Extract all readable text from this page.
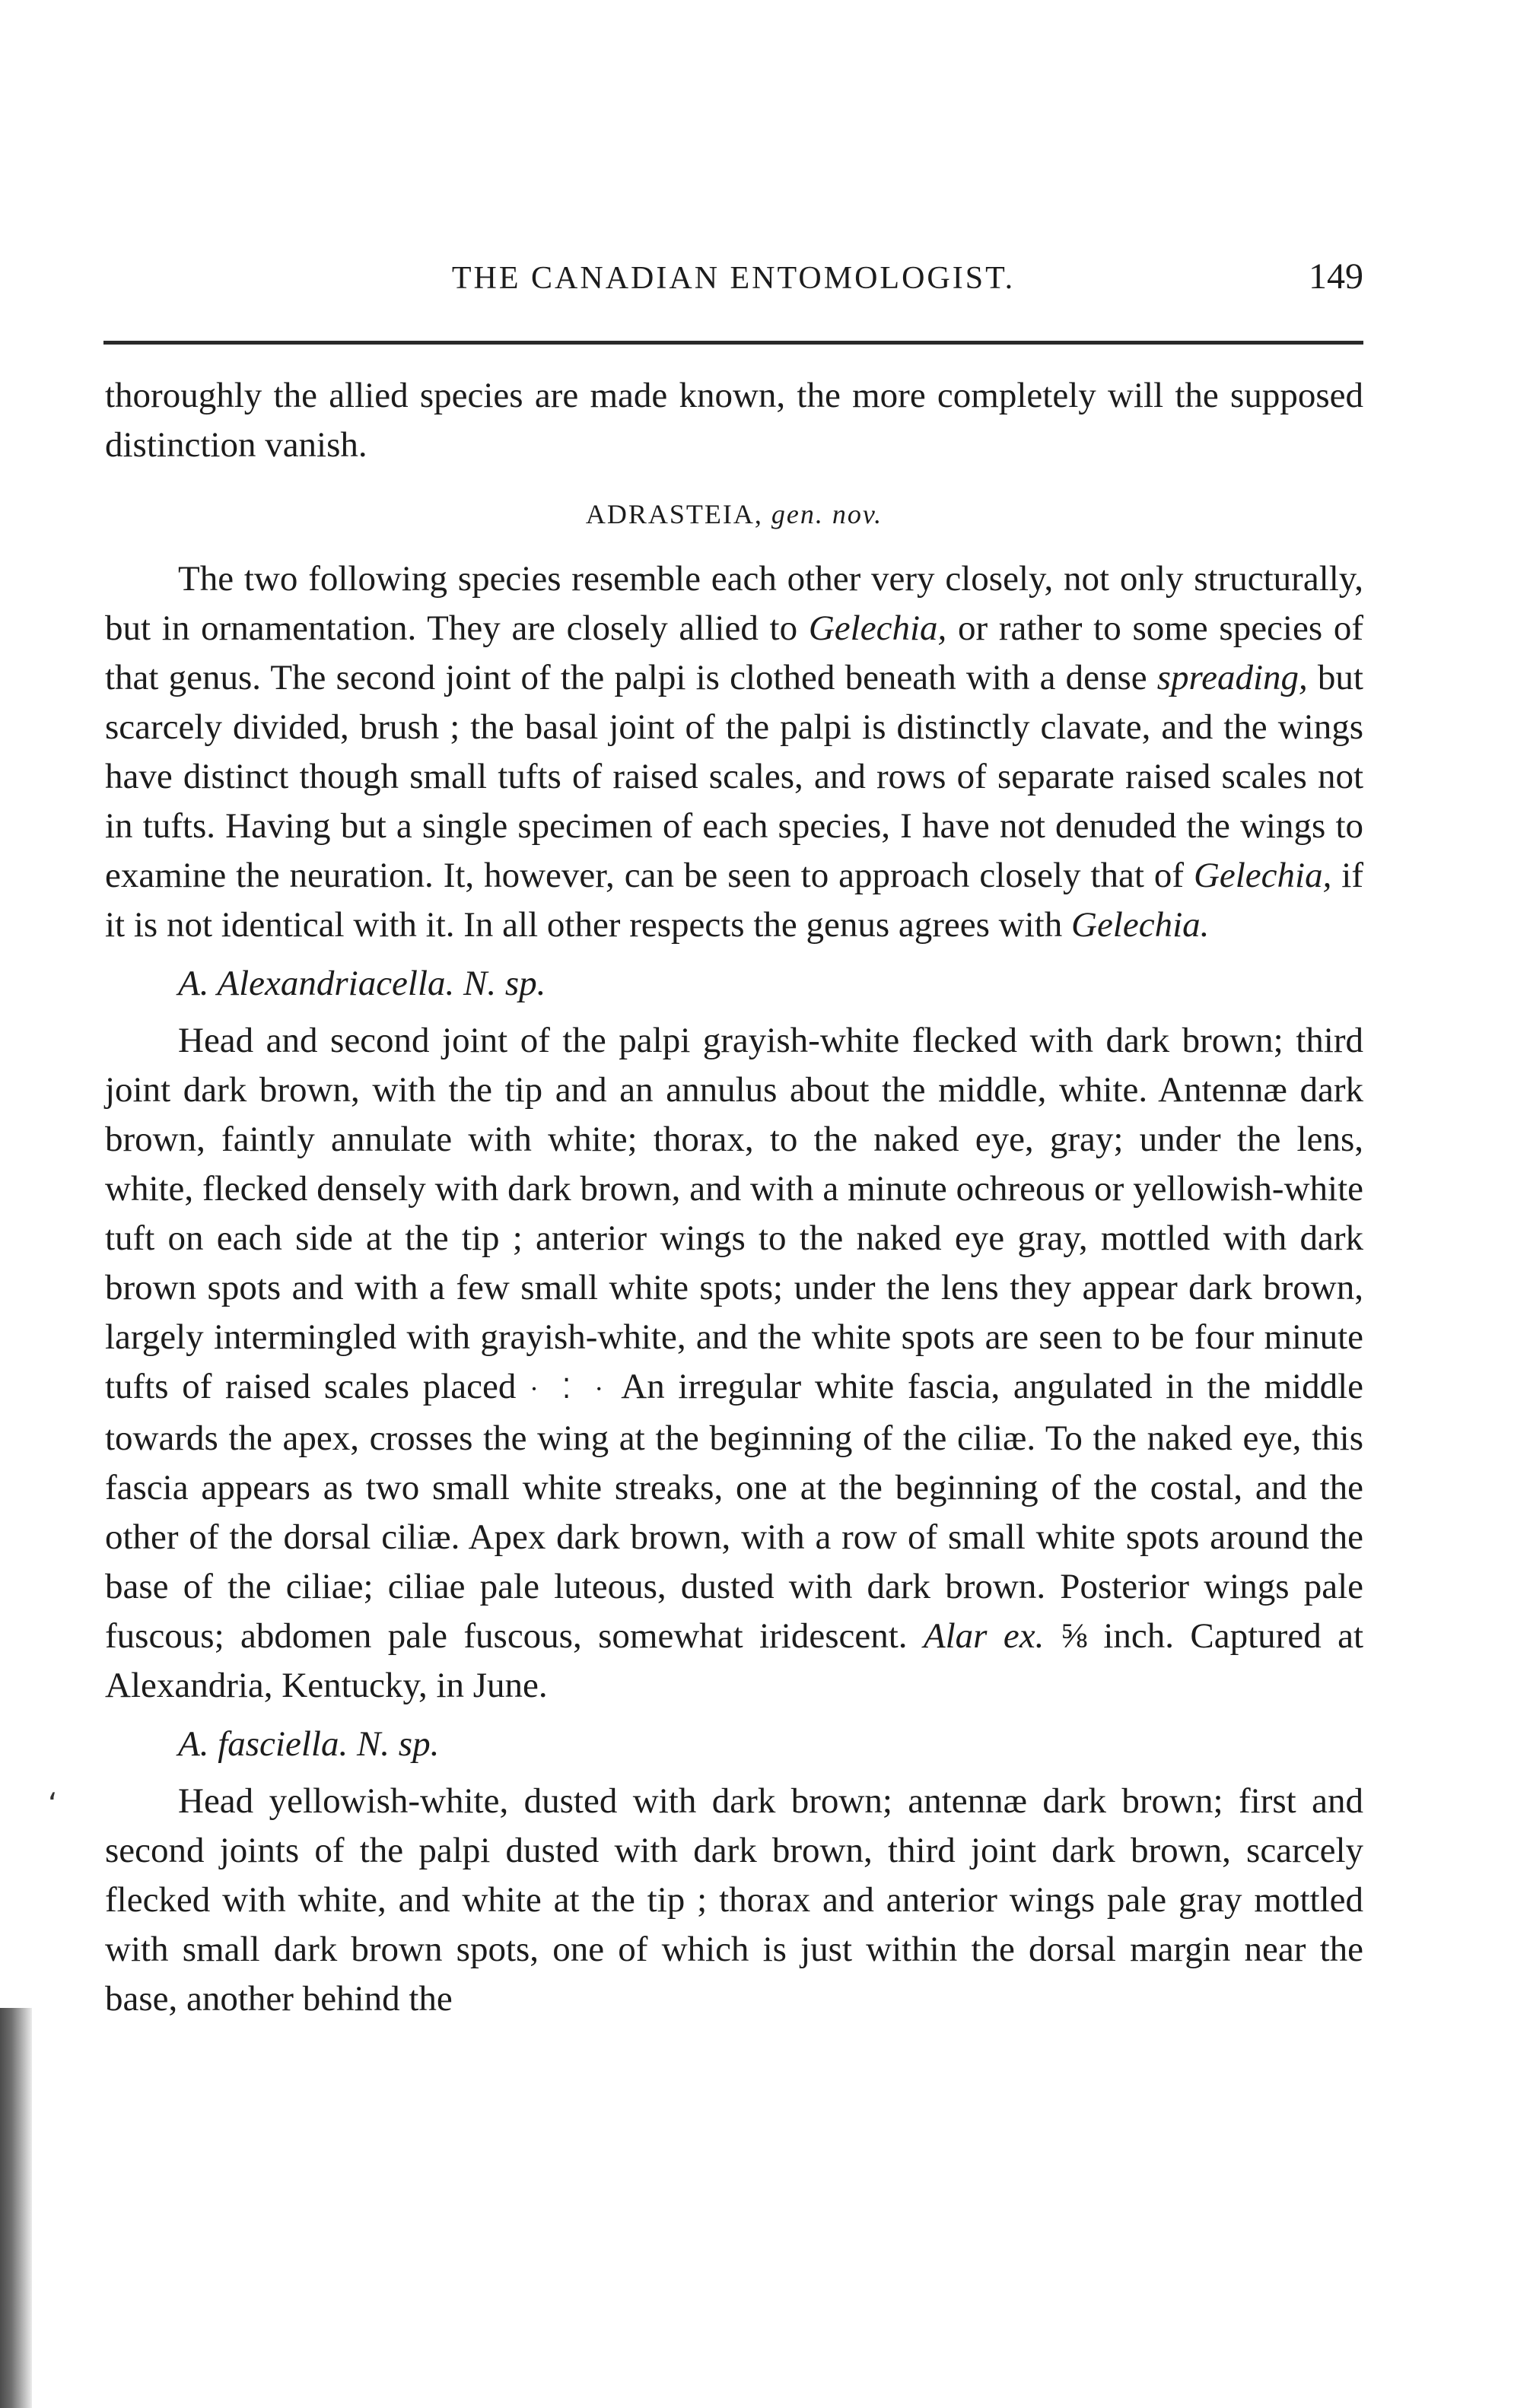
THE CANADIAN ENTOMOLOGIST.	149

thoroughly the allied species are made known, the more completely will the supposed distinction vanish.

ADRASTEIA, gen. nov.

The two following species resemble each other very closely, not only structurally, but in ornamentation. They are closely allied to Gelechia, or rather to some species of that genus. The second joint of the palpi is clothed beneath with a dense spreading, but scarcely divided, brush ; the basal joint of the palpi is distinctly clavate, and the wings have distinct though small tufts of raised scales, and rows of separate raised scales not in tufts. Having but a single specimen of each species, I have not denuded the wings to examine the neuration. It, however, can be seen to approach closely that of Gelechia, if it is not identical with it. In all other respects the genus agrees with Gelechia.

A. Alexandriacella. N. sp.

Head and second joint of the palpi grayish-white flecked with dark brown; third joint dark brown, with the tip and an annulus about the middle, white. Antennæ dark brown, faintly annulate with white; thorax, to the naked eye, gray; under the lens, white, flecked densely with dark brown, and with a minute ochreous or yellowish-white tuft on each side at the tip ; anterior wings to the naked eye gray, mottled with dark brown spots and with a few small white spots; under the lens they appear dark brown, largely intermingled with grayish-white, and the white spots are seen to be four minute tufts of raised scales placed · ⁚ · An irregular white fascia, angulated in the middle towards the apex, crosses the wing at the beginning of the ciliæ. To the naked eye, this fascia appears as two small white streaks, one at the beginning of the costal, and the other of the dorsal ciliæ. Apex dark brown, with a row of small white spots around the base of the ciliae; ciliae pale luteous, dusted with dark brown. Posterior wings pale fuscous; abdomen pale fuscous, somewhat iridescent. Alar ex. ⅝ inch. Captured at Alexandria, Kentucky, in June.

A. fasciella. N. sp.

Head yellowish-white, dusted with dark brown; antennæ dark brown; first and second joints of the palpi dusted with dark brown, third joint dark brown, scarcely flecked with white, and white at the tip ; thorax and anterior wings pale gray mottled with small dark brown spots, one of which is just within the dorsal margin near the base, another behind the

،
